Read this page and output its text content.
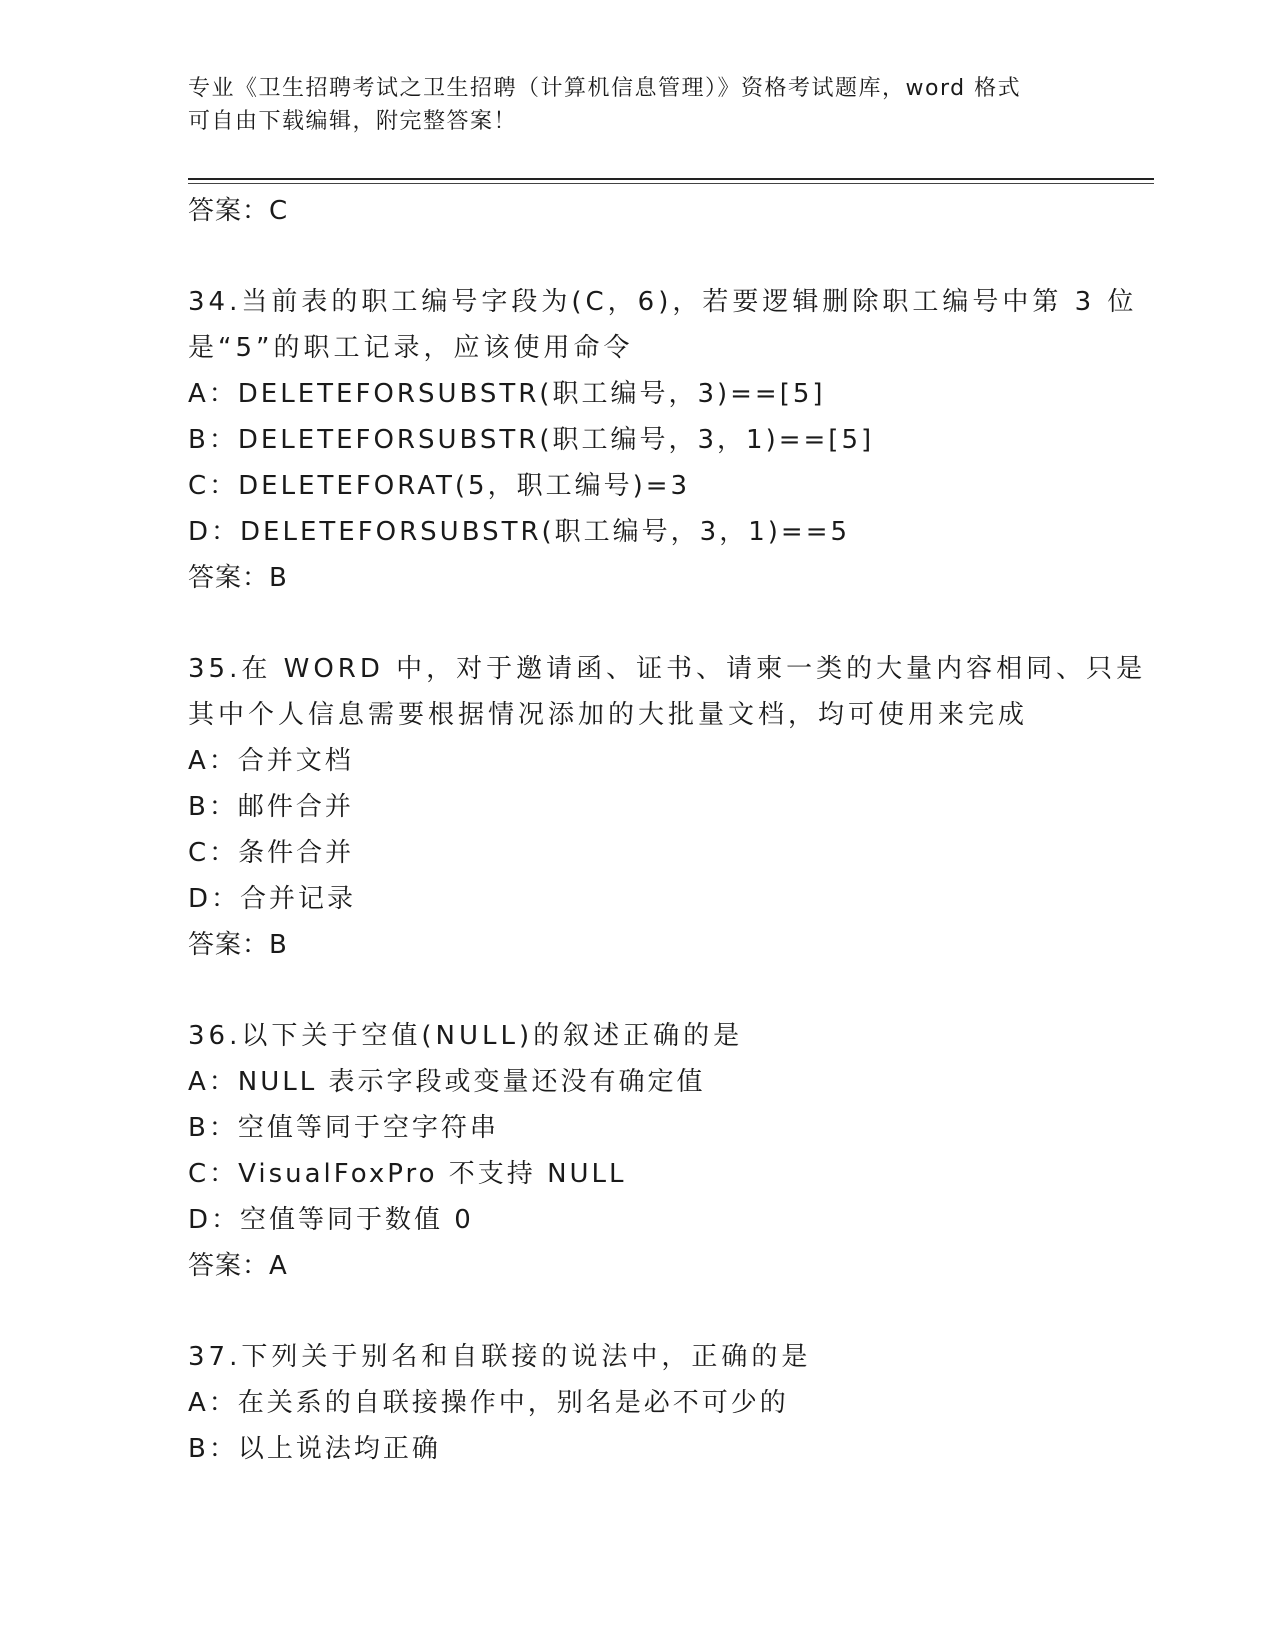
专业《卫生招聘考试之卫生招聘（计算机信息管理）》资格考试题库，word 格式
可自由下载编辑，附完整答案！
答案：C
34.当前表的职工编号字段为(C，6)，若要逻辑删除职工编号中第 3 位
是“5”的职工记录，应该使用命令
A：DELETEFORSUBSTR(职工编号，3)==[5]
B：DELETEFORSUBSTR(职工编号，3，1)==[5]
C：DELETEFORAT(5，职工编号)=3
D：DELETEFORSUBSTR(职工编号，3，1)==5
答案：B
35.在 WORD 中，对于邀请函、证书、请柬一类的大量内容相同、只是
其中个人信息需要根据情况添加的大批量文档，均可使用来完成
A：合并文档
B：邮件合并
C：条件合并
D：合并记录
答案：B
36.以下关于空值(NULL)的叙述正确的是
A：NULL 表示字段或变量还没有确定值
B：空值等同于空字符串
C：VisualFoxPro 不支持 NULL
D：空值等同于数值 0
答案：A
37.下列关于别名和自联接的说法中，正确的是
A：在关系的自联接操作中，别名是必不可少的
B：以上说法均正确
